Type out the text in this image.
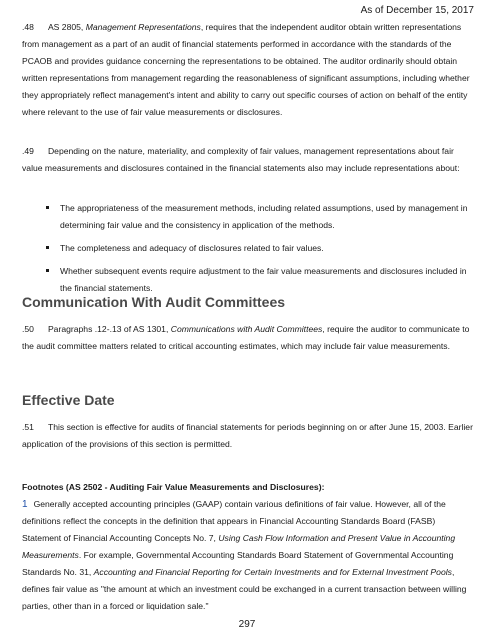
As of December 15, 2017

.48 AS 2805, Management Representations, requires that the independent auditor obtain written representations from management as a part of an audit of financial statements performed in accordance with the standards of the PCAOB and provides guidance concerning the representations to be obtained. The auditor ordinarily should obtain written representations from management regarding the reasonableness of significant assumptions, including whether they appropriately reflect management's intent and ability to carry out specific courses of action on behalf of the entity where relevant to the use of fair value measurements or disclosures.

.49 Depending on the nature, materiality, and complexity of fair values, management representations about fair value measurements and disclosures contained in the financial statements also may include representations about:

The appropriateness of the measurement methods, including related assumptions, used by management in determining fair value and the consistency in application of the methods.
The completeness and adequacy of disclosures related to fair values.
Whether subsequent events require adjustment to the fair value measurements and disclosures included in the financial statements.
Communication With Audit Committees

.50 Paragraphs .12-.13 of AS 1301, Communications with Audit Committees, require the auditor to communicate to the audit committee matters related to critical accounting estimates, which may include fair value measurements.

Effective Date

.51 This section is effective for audits of financial statements for periods beginning on or after June 15, 2003. Earlier application of the provisions of this section is permitted.

Footnotes (AS 2502 - Auditing Fair Value Measurements and Disclosures):

1 Generally accepted accounting principles (GAAP) contain various definitions of fair value. However, all of the definitions reflect the concepts in the definition that appears in Financial Accounting Standards Board (FASB) Statement of Financial Accounting Concepts No. 7, Using Cash Flow Information and Present Value in Accounting Measurements. For example, Governmental Accounting Standards Board Statement of Governmental Accounting Standards No. 31, Accounting and Financial Reporting for Certain Investments and for External Investment Pools, defines fair value as "the amount at which an investment could be exchanged in a current transaction between willing parties, other than in a forced or liquidation sale."

297
